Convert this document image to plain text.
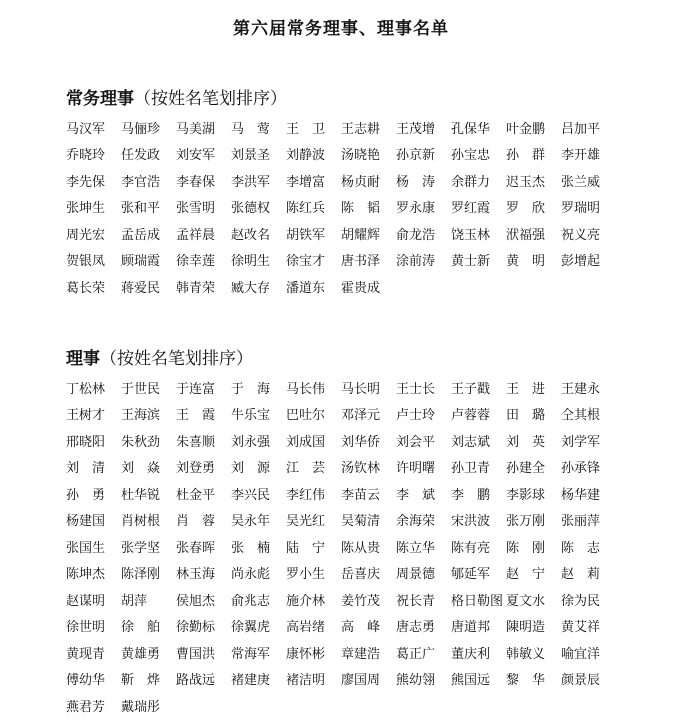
第六届常务理事、理事名单
常务理事（按姓名笔划排序）
马汉军	马俪珍	马美湖	马　莺	王　卫	王志耕	王茂增	孔保华	叶金鹏	吕加平
乔晓玲	任发政	刘安军	刘景圣	刘静波	汤晓艳	孙京新	孙宝忠	孙　群	李开雄
李先保	李官浩	李春保	李洪军	李增富	杨贞耐	杨　涛	余群力	迟玉杰	张兰威
张坤生	张和平	张雪明	张德权	陈红兵	陈　韬	罗永康	罗红霞	罗　欣	罗瑞明
周光宏	孟岳成	孟祥晨	赵改名	胡铁军	胡耀辉	俞龙浩	饶玉林	洑福强	祝义亮
贺银凤	顾瑞霞	徐幸莲	徐明生	徐宝才	唐书泽	涂前涛	黄士新	黄　明	彭增起
葛长荣	蒋爱民	韩青荣	臧大存	潘道东	霍贵成
理事（按姓名笔划排序）
丁松林	于世民	于连富	于　海	马长伟	马长明	王士长	王子戳	王　进	王建永
王树才	王海滨	王　霞	牛乐宝	巴吐尔	邓泽元	卢士玲	卢蓉蓉	田　璐	仝其根
邢晓阳	朱秋劲	朱喜顺	刘永强	刘成国	刘华侨	刘会平	刘志斌	刘　英	刘学军
刘　清	刘　焱	刘登勇	刘　源	江　芸	汤钦林	许明曙	孙卫青	孙建全	孙承锋
孙　勇	杜华锐	杜金平	李兴民	李红伟	李苗云	李　斌	李　鹏	李影球	杨华建
杨建国	肖树根	肖　蓉	吴永年	吴光红	吴菊清	余海荣	宋洪波	张万刚	张丽萍
张国生	张学坚	张春晖	张　楠	陆　宁	陈从贵	陈立华	陈有亮	陈　刚	陈　志
陈坤杰	陈泽刚	林玉海	尚永彪	罗小生	岳喜庆	周景德	郇延军	赵　宁	赵　莉
赵谋明	胡萍	侯旭杰	俞兆志	施介林	姜竹茂	祝长青	格日勒图 夏文水	徐为民
徐世明	徐　舶	徐勤标	徐翼虎	高岩绪	高　峰	唐志勇	唐道邦	陳明造	黄艾祥
黄现青	黄雄勇	曹国洪	常海军	康怀彬	章建浩	葛正广	董庆利	韩敏义	喻宜洋
傅幼华	靳　烨	路战远	褚建庚	褚洁明	廖国周	熊幼翎	熊国远	黎　华	颜景辰
燕君芳	戴瑞彤
